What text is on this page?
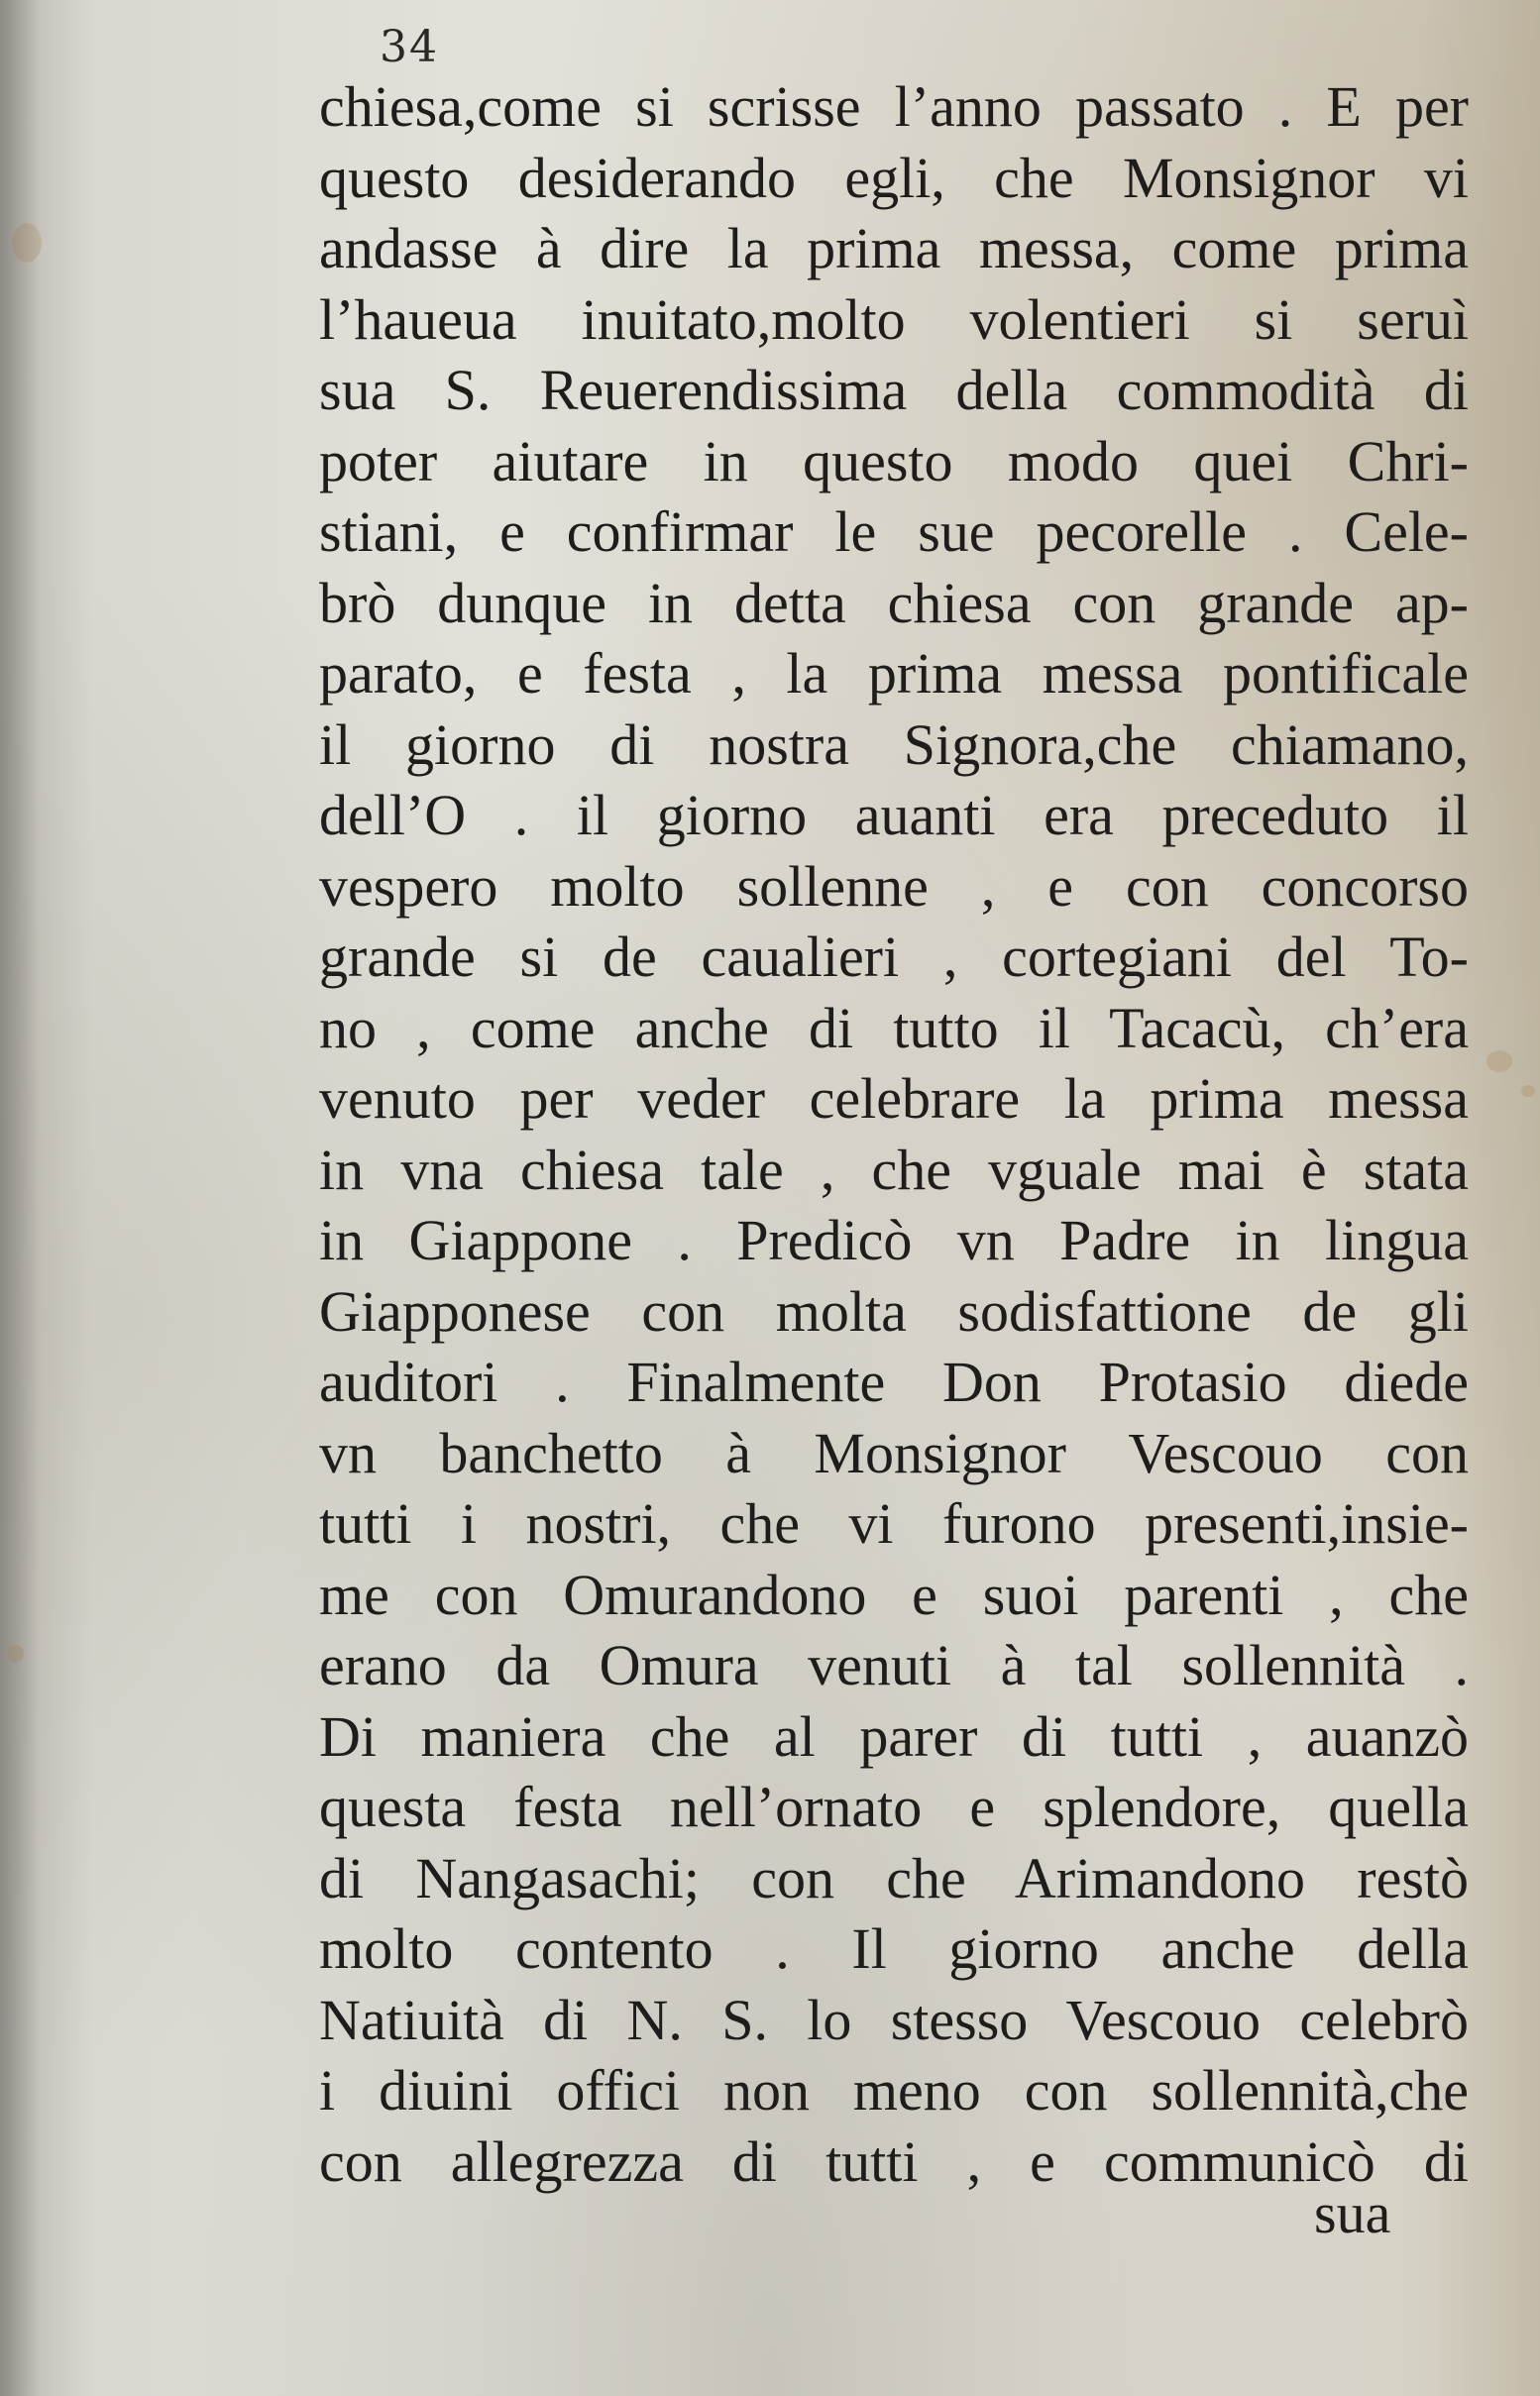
34
chiesa,come si scrisse l’anno passato . E per
questo desiderando egli, che Monsignor vi
andasse à dire la prima messa, come prima
l’haueua inuitato,molto volentieri si seruì
sua S. Reuerendissima della commodità di
poter aiutare in questo modo quei Chri-
stiani, e confirmar le sue pecorelle . Cele-
brò dunque in detta chiesa con grande ap-
parato, e festa , la prima messa pontificale
il giorno di nostra Signora,che chiamano,
dell’O . il giorno auanti era preceduto il
vespero molto sollenne , e con concorso
grande si de caualieri , cortegiani del To-
no , come anche di tutto il Tacacù, ch’era
venuto per veder celebrare la prima messa
in vna chiesa tale , che vguale mai è stata
in Giappone . Predicò vn Padre in lingua
Giapponese con molta sodisfattione de gli
auditori . Finalmente Don Protasio diede
vn banchetto à Monsignor Vescouo con
tutti i nostri, che vi furono presenti,insie-
me con Omurandono e suoi parenti , che
erano da Omura venuti à tal sollennità .
Di maniera che al parer di tutti , auanzò
questa festa nell’ornato e splendore, quella
di Nangasachi; con che Arimandono restò
molto contento . Il giorno anche della
Natiuità di N. S. lo stesso Vescouo celebrò
i diuini offici non meno con sollennità,che
con allegrezza di tutti , e communicò di
sua
